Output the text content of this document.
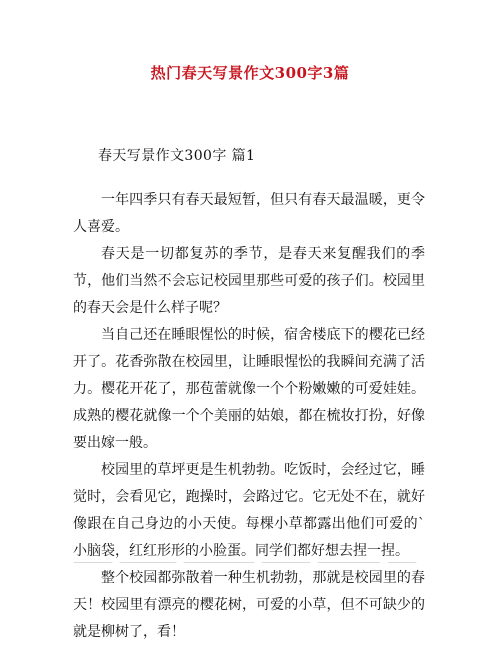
热门春天写景作文300字3篇
春天写景作文300字 篇1

一年四季只有春天最短暂，但只有春天最温暖，更令人喜爱。

春天是一切都复苏的季节，是春天来复醒我们的季节，他们当然不会忘记校园里那些可爱的孩子们。校园里的春天会是什么样子呢？

当自己还在睡眼惺忪的时候，宿舍楼底下的樱花已经开了。花香弥散在校园里，让睡眼惺忪的我瞬间充满了活力。樱花开花了，那苞蕾就像一个个粉嫩嫩的可爱娃娃。成熟的樱花就像一个个美丽的姑娘，都在梳妆打扮，好像要出嫁一般。

校园里的草坪更是生机勃勃。吃饭时，会经过它，睡觉时，会看见它，跑操时，会路过它。它无处不在，就好像跟在自己身边的小天使。每棵小草都露出他们可爱的`小脑袋，红红形形的小脸蛋。同学们都好想去捏一捏。

整个校园都弥散着一种生机勃勃，那就是校园里的春天！校园里有漂亮的樱花树，可爱的小草，但不可缺少的就是柳树了，看！
